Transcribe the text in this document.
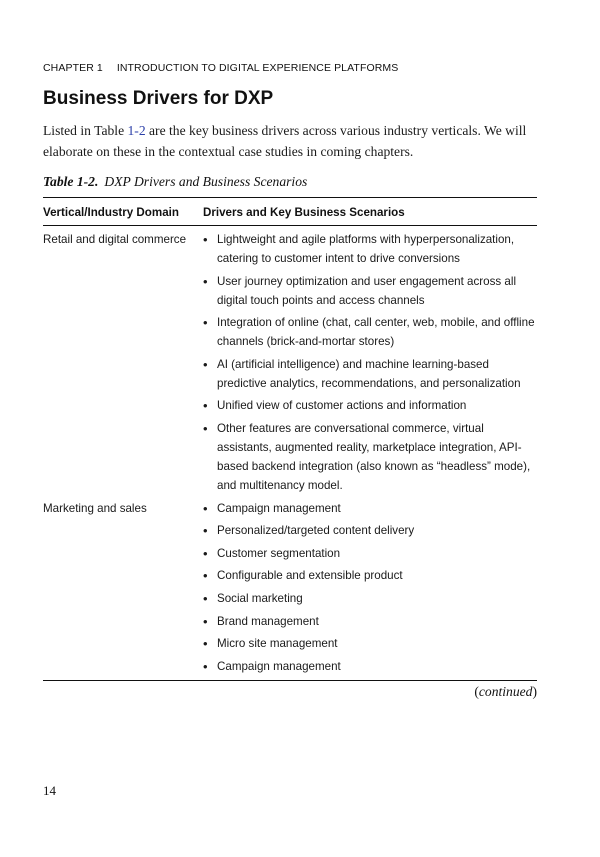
CHAPTER 1 INTRODUCTION TO DIGITAL EXPERIENCE PLATFORMS
Business Drivers for DXP

Listed in Table 1-2 are the key business drivers across various industry verticals. We will elaborate on these in the contextual case studies in coming chapters.

Table 1-2. DXP Drivers and Business Scenarios

Vertical/Industry Domain Drivers and Key Business Scenarios
Retail and digital commerce	• Lightweight and agile platforms with hyperpersonalization, catering to customer intent to drive conversions
• User journey optimization and user engagement across all digital touch points and access channels
• Integration of online (chat, call center, web, mobile, and offline channels (brick-and-mortar stores)
• AI (artificial intelligence) and machine learning-based predictive analytics, recommendations, and personalization
• Unified view of customer actions and information
• Other features are conversational commerce, virtual assistants, augmented reality, marketplace integration, API-based backend integration (also known as “headless” mode), and multitenancy model.
Marketing and sales	• Campaign management
• Personalized/targeted content delivery
• Customer segmentation
• Configurable and extensible product
• Social marketing
• Brand management
• Micro site management
• Campaign management
(continued)
14
